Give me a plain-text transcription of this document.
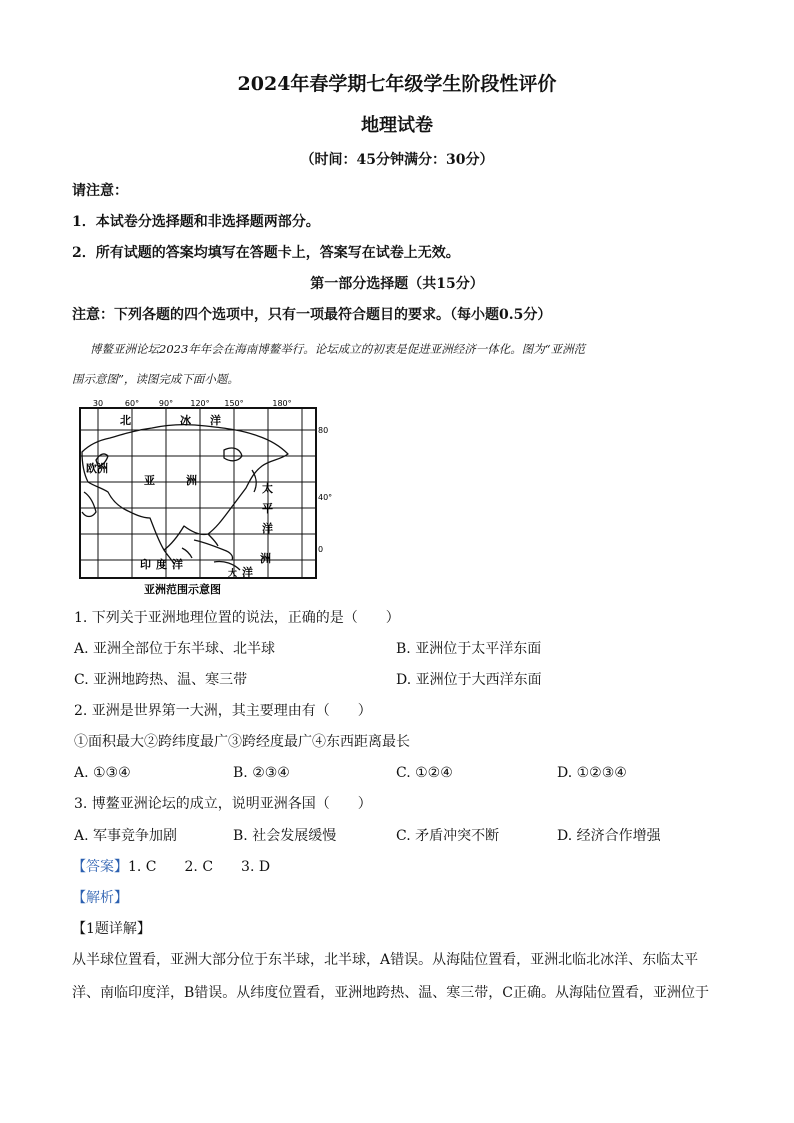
2024年春学期七年级学生阶段性评价
地理试卷
（时间：45分钟满分：30分）
请注意：
1．本试卷分选择题和非选择题两部分。
2．所有试题的答案均填写在答题卡上，答案写在试卷上无效。
第一部分选择题（共15分）
注意：下列各题的四个选项中，只有一项最符合题目的要求。（每小题0.5分）
博鳌亚洲论坛2023年年会在海南博鳌举行。论坛成立的初衷是促进亚洲经济一体化。图为“亚洲范
围示意图”，读图完成下面小题。
30	60° 90° 120° 150°	180°
80
40°
0
北	冰 洋
欧洲
亚	洲
太
平
洋
印 度 洋	洲
大 洋
亚洲范围示意图
1. 下列关于亚洲地理位置的说法，正确的是（　　）
A. 亚洲全部位于东半球、北半球	B. 亚洲位于太平洋东面
C. 亚洲地跨热、温、寒三带	D. 亚洲位于大西洋东面
2. 亚洲是世界第一大洲，其主要理由有（　　）
①面积最大②跨纬度最广③跨经度最广④东西距离最长
A. ①③④	B. ②③④	C. ①②④	D. ①②③④
3. 博鳌亚洲论坛的成立，说明亚洲各国（　　）
A. 军事竞争加剧	B. 社会发展缓慢	C. 矛盾冲突不断	D. 经济合作增强
【答案】1. C　　2. C　　3. D
【解析】
【1题详解】
从半球位置看，亚洲大部分位于东半球，北半球，A错误。从海陆位置看，亚洲北临北冰洋、东临太平
洋、南临印度洋，B错误。从纬度位置看，亚洲地跨热、温、寒三带，C正确。从海陆位置看，亚洲位于
